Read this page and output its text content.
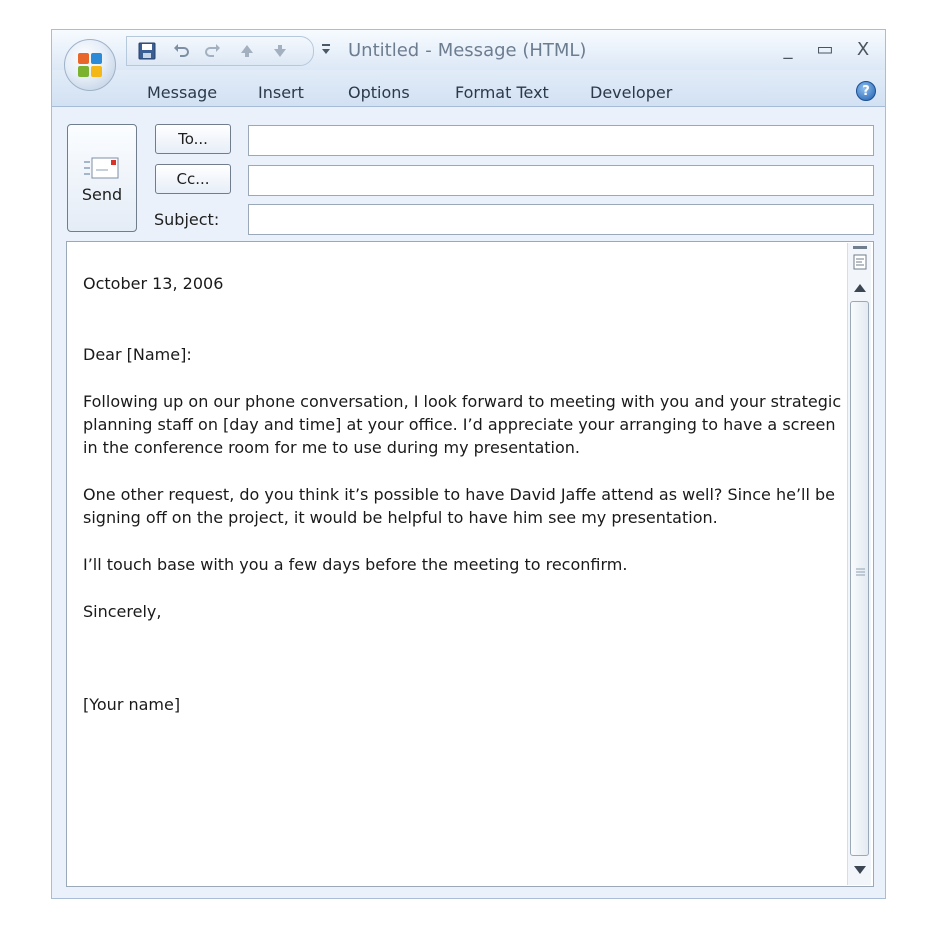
Untitled - Message (HTML)	_	▭	X
Message	Insert	Options	Format Text	Developer	?
Send
To...
Cc...
Subject:

October 13, 2006

Dear [Name]:

Following up on our phone conversation, I look forward to meeting with you and your strategic planning staff on [day and time] at your office. I’d appreciate your arranging to have a screen in the conference room for me to use during my presentation.

One other request, do you think it’s possible to have David Jaffe attend as well? Since he’ll be signing off on the project, it would be helpful to have him see my presentation.

I’ll touch base with you a few days before the meeting to reconfirm.

Sincerely,

[Your name]
